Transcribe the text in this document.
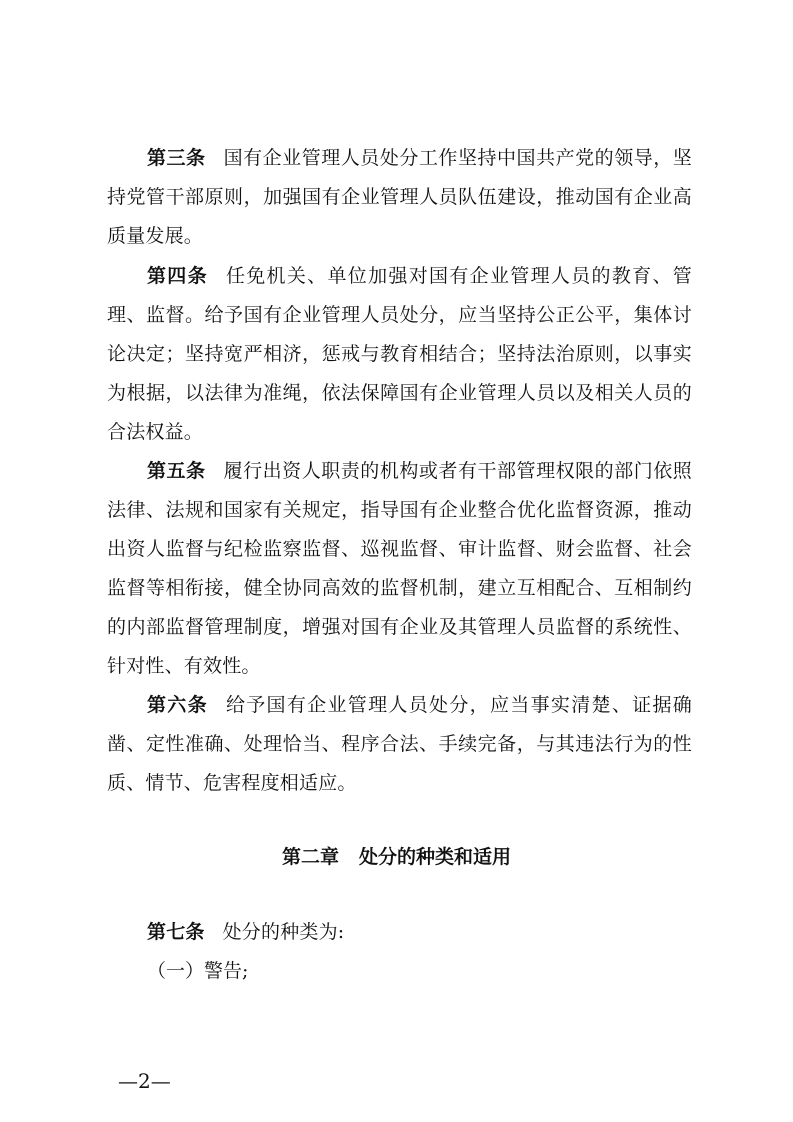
第三条 国有企业管理人员处分工作坚持中国共产党的领导，坚持党管干部原则，加强国有企业管理人员队伍建设，推动国有企业高质量发展。

第四条 任免机关、单位加强对国有企业管理人员的教育、管理、监督。给予国有企业管理人员处分，应当坚持公正公平，集体讨论决定；坚持宽严相济，惩戒与教育相结合；坚持法治原则，以事实为根据，以法律为准绳，依法保障国有企业管理人员以及相关人员的合法权益。

第五条 履行出资人职责的机构或者有干部管理权限的部门依照法律、法规和国家有关规定，指导国有企业整合优化监督资源，推动出资人监督与纪检监察监督、巡视监督、审计监督、财会监督、社会监督等相衔接，健全协同高效的监督机制，建立互相配合、互相制约的内部监督管理制度，增强对国有企业及其管理人员监督的系统性、针对性、有效性。

第六条 给予国有企业管理人员处分，应当事实清楚、证据确凿、定性准确、处理恰当、程序合法、手续完备，与其违法行为的性质、情节、危害程度相适应。

第二章 处分的种类和适用

第七条 处分的种类为:

（一）警告;

—2—
